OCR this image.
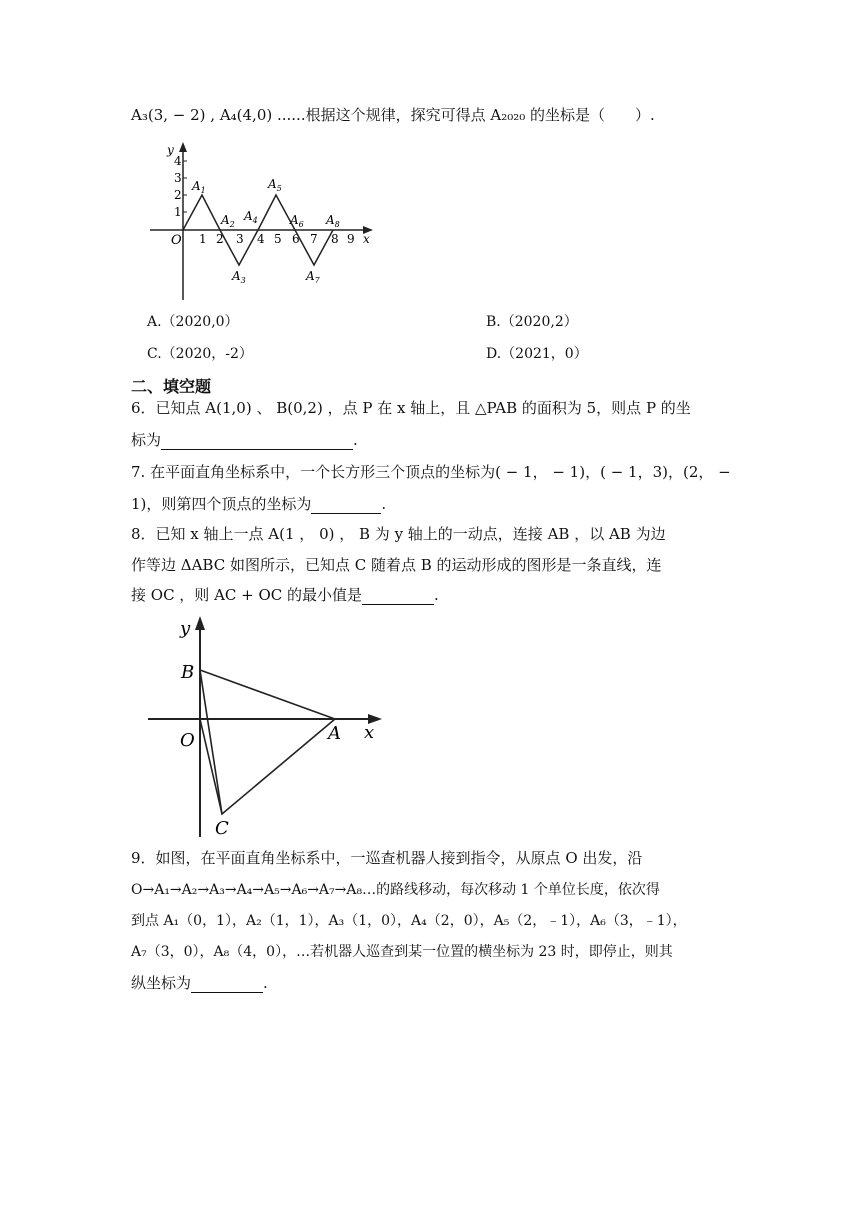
A₃(3, − 2) , A₄(4,0) ......根据这个规律，探究可得点 A₂₀₂₀ 的坐标是（　　）.
y
4
3
2
1
O 1 2 3 4 5 6 7 8 9 x
$A_1$
$A_2$
$A_3$
$A_4$
$A_5$
$A_6$
$A_7$
$A_8$
A.（2020,0）	B.（2020,2）
C.（2020，-2）	D.（2021，0）
二、填空题
6．已知点 A(1,0) 、 B(0,2) ，点 P 在 x 轴上，且 △PAB 的面积为 5，则点 P 的坐
标为	.
7. 在平面直角坐标系中，一个长方形三个顶点的坐标为( − 1， − 1)，( − 1，3)，(2， −
1)，则第四个顶点的坐标为	.
8．已知 x 轴上一点 A(1 ， 0) ， B 为 y 轴上的一动点，连接 AB ，以 AB 为边
作等边 ΔABC 如图所示，已知点 C 随着点 B 的运动形成的图形是一条直线，连
接 OC ，则 AC + OC 的最小值是	.
y
x
B
O	A
C
9．如图，在平面直角坐标系中，一巡查机器人接到指令，从原点 O 出发，沿
O→A₁→A₂→A₃→A₄→A₅→A₆→A₇→A₈…的路线移动，每次移动 1 个单位长度，依次得
到点 A₁（0，1），A₂（1，1），A₃（1，0），A₄（2，0），A₅（2，﹣1），A₆（3，﹣1），
A₇（3，0），A₈（4，0），…若机器人巡查到某一位置的横坐标为 23 时，即停止，则其
纵坐标为	.
